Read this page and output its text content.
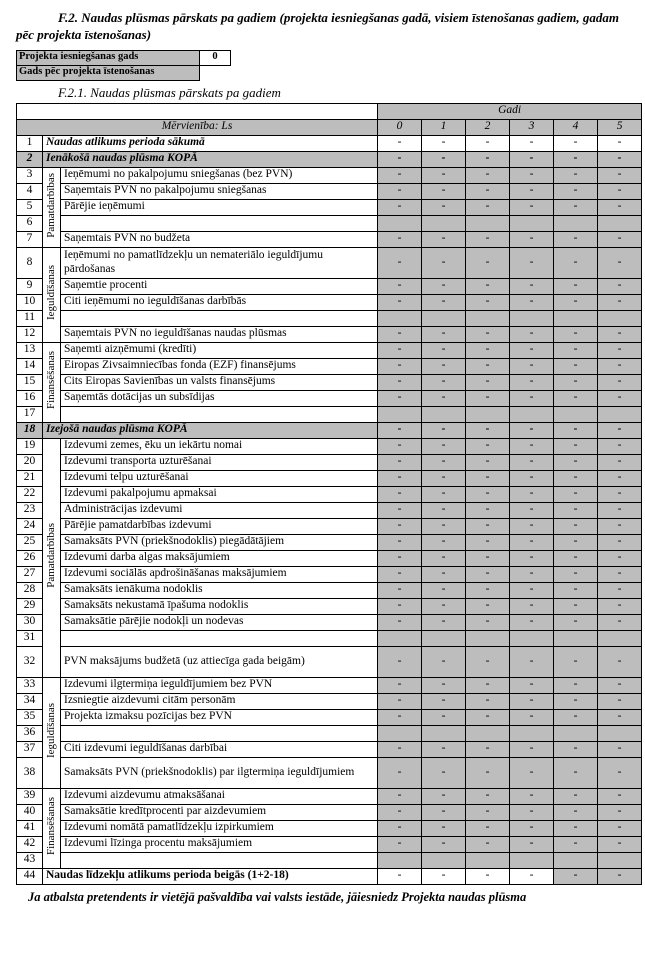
F.2. Naudas plūsmas pārskats pa gadiem (projekta iesniegšanas gadā, visiem īstenošanas gadiem, gadam pēc projekta īstenošanas)
Projekta iesniegšanas gads	0
Gads pēc projekta īstenošanas
F.2.1. Naudas plūsmas pārskats pa gadiem
			Gadi					
Mērvienība: Ls			0	1	2	3	4	5
1	Naudas atlikums perioda sākumā		-	-	-	-	-	-
2	Ienākošā naudas plūsma KOPĀ		-	-	-	-	-	-
3	Pamatdarbības	Ieņēmumi no pakalpojumu sniegšanas (bez PVN)	-	-	-	-	-	-
4		Saņemtais PVN no pakalpojumu sniegšanas	-	-	-	-	-	-
5		Pārējie ieņēmumi	-	-	-	-	-	-
6								
7		Saņemtais PVN no budžeta	-	-	-	-	-	-
8	Ieguldīšanas	Ieņēmumi no pamatlīdzekļu un nemateriālo ieguldījumu pārdošanas	-	-	-	-	-	-
9		Saņemtie procenti	-	-	-	-	-	-
10		Citi ieņēmumi no ieguldīšanas darbībās	-	-	-	-	-	-
11								
12		Saņemtais PVN no ieguldīšanas naudas plūsmas	-	-	-	-	-	-
13	Finansēšanas	Saņemti aizņēmumi (kredīti)	-	-	-	-	-	-
14		Eiropas Zivsaimniecības fonda (EZF) finansējums	-	-	-	-	-	-
15		Cits Eiropas Savienības un valsts finansējums	-	-	-	-	-	-
16		Saņemtās dotācijas un subsīdijas	-	-	-	-	-	-
17								
18	Izejošā naudas plūsma KOPĀ		-	-	-	-	-	-
19	Pamatdarbības	Izdevumi zemes, ēku un iekārtu nomai	-	-	-	-	-	-
20		Izdevumi transporta uzturēšanai	-	-	-	-	-	-
21		Izdevumi telpu uzturēšanai	-	-	-	-	-	-
22		Izdevumi pakalpojumu apmaksai	-	-	-	-	-	-
23		Administrācijas izdevumi	-	-	-	-	-	-
24		Pārējie pamatdarbības izdevumi	-	-	-	-	-	-
25		Samaksāts PVN (priekšnodoklis) piegādātājiem	-	-	-	-	-	-
26		Izdevumi darba algas maksājumiem	-	-	-	-	-	-
27		Izdevumi sociālās apdrošināšanas maksājumiem	-	-	-	-	-	-
28		Samaksāts ienākuma nodoklis	-	-	-	-	-	-
29		Samaksāts nekustamā īpašuma nodoklis	-	-	-	-	-	-
30		Samaksātie pārējie nodokļi un nodevas	-	-	-	-	-	-
31								
32		PVN maksājums budžetā (uz attiecīga gada beigām)	-	-	-	-	-	-
33	Ieguldīšanas	Izdevumi ilgtermiņa ieguldījumiem bez PVN	-	-	-	-	-	-
34		Izsniegtie aizdevumi citām personām	-	-	-	-	-	-
35		Projekta izmaksu pozīcijas bez PVN	-	-	-	-	-	-
36								
37		Citi izdevumi ieguldīšanas darbībai	-	-	-	-	-	-
38		Samaksāts PVN (priekšnodoklis) par ilgtermiņa ieguldījumiem	-	-	-	-	-	-
39	Finansēšanas	Izdevumi aizdevumu atmaksāšanai	-	-	-	-	-	-
40		Samaksātie kredītprocenti par aizdevumiem	-	-	-	-	-	-
41		Izdevumi nomātā pamatlīdzekļu izpirkumiem	-	-	-	-	-	-
42		Izdevumi līzinga procentu maksājumiem	-	-	-	-	-	-
43								
44	Naudas līdzekļu atlikums perioda beigās (1+2-18)		-	-	-	-	-	-
Ja atbalsta pretendents ir vietējā pašvaldība vai valsts iestāde, jāiesniedz Projekta naudas plūsma
